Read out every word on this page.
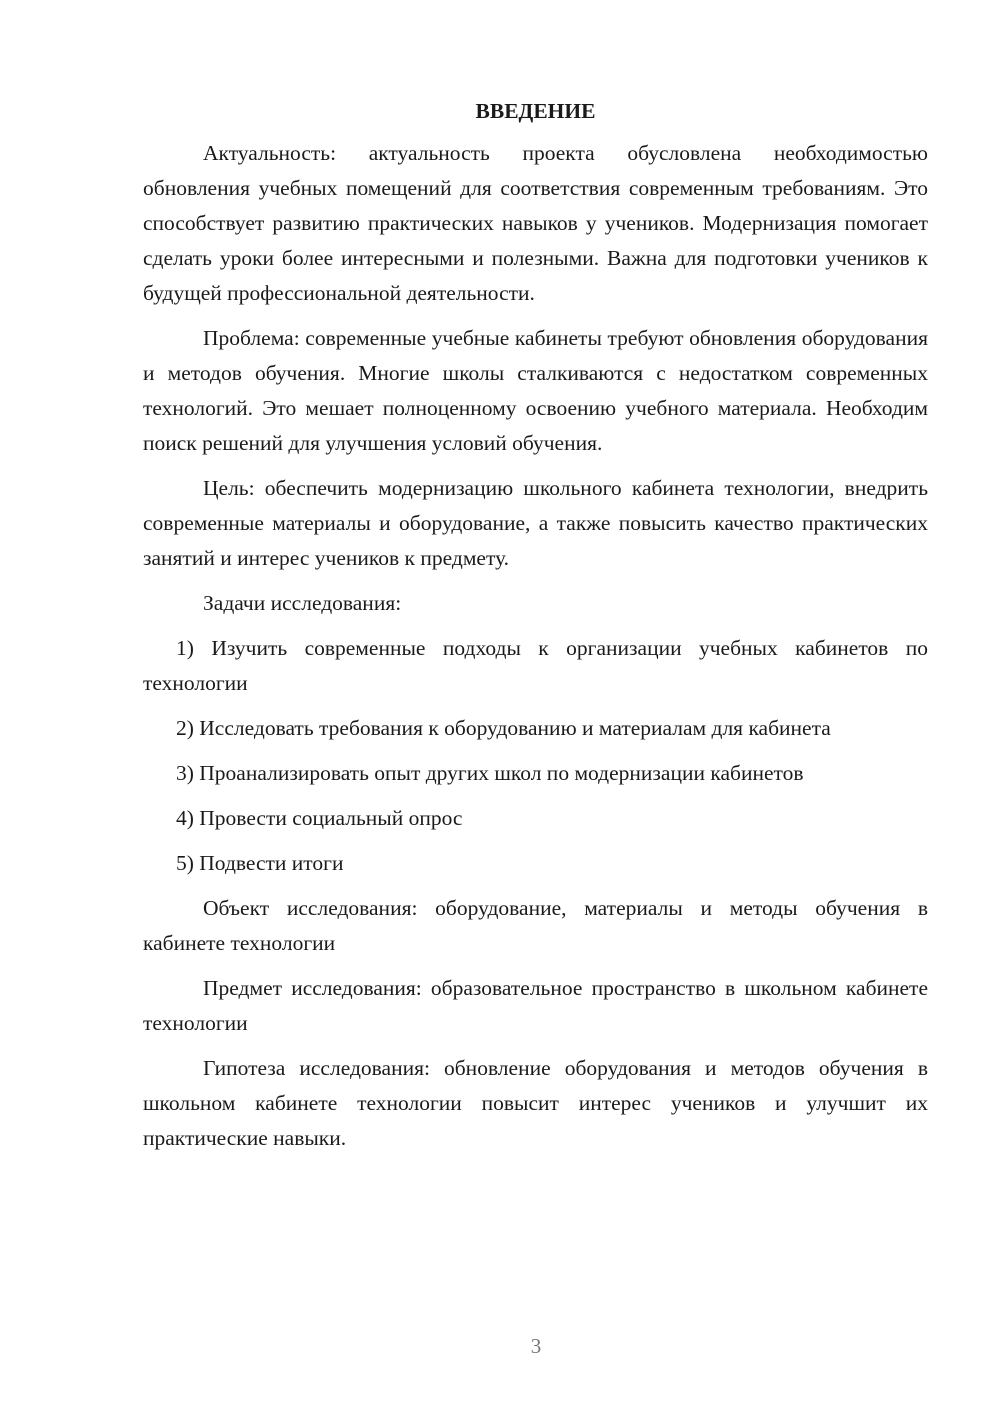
ВВЕДЕНИЕ

Актуальность: актуальность проекта обусловлена необходимостью обновления учебных помещений для соответствия современным требованиям. Это способствует развитию практических навыков у учеников. Модернизация помогает сделать уроки более интересными и полезными. Важна для подготовки учеников к будущей профессиональной деятельности.

Проблема: современные учебные кабинеты требуют обновления оборудования и методов обучения. Многие школы сталкиваются с недостатком современных технологий. Это мешает полноценному освоению учебного материала. Необходим поиск решений для улучшения условий обучения.

Цель: обеспечить модернизацию школьного кабинета технологии, внедрить современные материалы и оборудование, а также повысить качество практических занятий и интерес учеников к предмету.

Задачи исследования:

1) Изучить современные подходы к организации учебных кабинетов по технологии

2) Исследовать требования к оборудованию и материалам для кабинета

3) Проанализировать опыт других школ по модернизации кабинетов

4) Провести социальный опрос

5) Подвести итоги

Объект исследования: оборудование, материалы и методы обучения в кабинете технологии

Предмет исследования: образовательное пространство в школьном кабинете технологии

Гипотеза исследования: обновление оборудования и методов обучения в школьном кабинете технологии повысит интерес учеников и улучшит их практические навыки.

3
